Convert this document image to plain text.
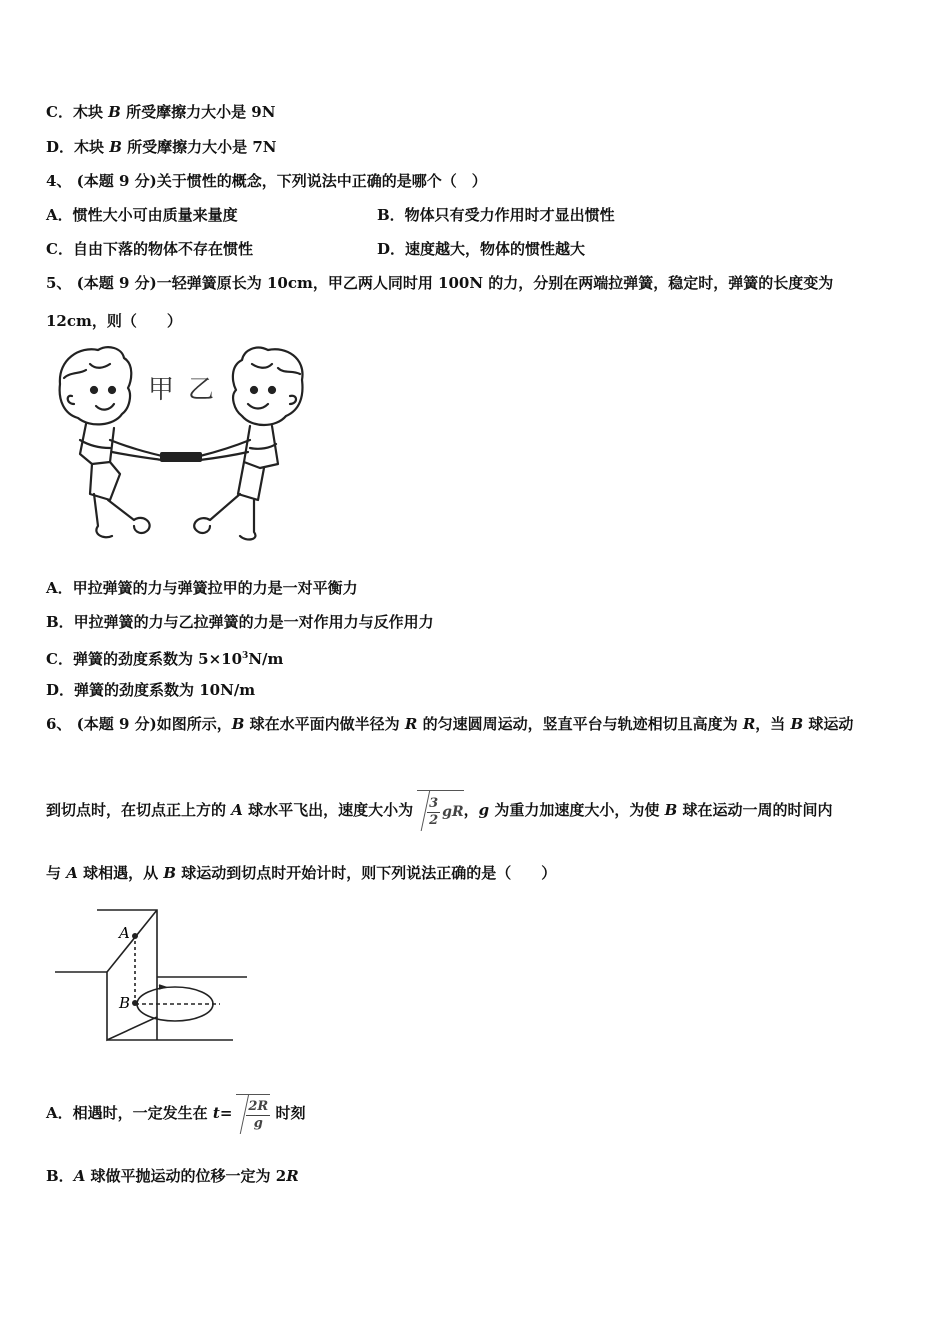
C．木块 B 所受摩擦力大小是 9N
D．木块 B 所受摩擦力大小是 7N
4、 (本题 9 分)关于惯性的概念，下列说法中正确的是哪个（　）
A．惯性大小可由质量来量度	B．物体只有受力作用时才显出惯性
C．自由下落的物体不存在惯性	D．速度越大，物体的惯性越大
5、 (本题 9 分)一轻弹簧原长为 10cm，甲乙两人同时用 100N 的力，分别在两端拉弹簧，稳定时，弹簧的长度变为
12cm，则（　　）
甲 乙
A．甲拉弹簧的力与弹簧拉甲的力是一对平衡力
B．甲拉弹簧的力与乙拉弹簧的力是一对作用力与反作用力
C．弹簧的劲度系数为 $5\times 10^3N/m$
D．弹簧的劲度系数为 10N/m
6、 (本题 9 分)如图所示，B 球在水平面内做半径为 R 的匀速圆周运动，竖直平台与轨迹相切且高度为 R，当 B 球运动
到切点时，在切点正上方的 A 球水平飞出，速度大小为 $\frac{3}{2}$ gR，g 为重力加速度大小，为使 B 球在运动一周的时间内
与 A 球相遇，从 B 球运动到切点时开始计时，则下列说法正确的是（　　）
A
B
A．相遇时，一定发生在 $t= \frac{2R}{g}$ 时刻
B．A 球做平抛运动的位移一定为 2R
